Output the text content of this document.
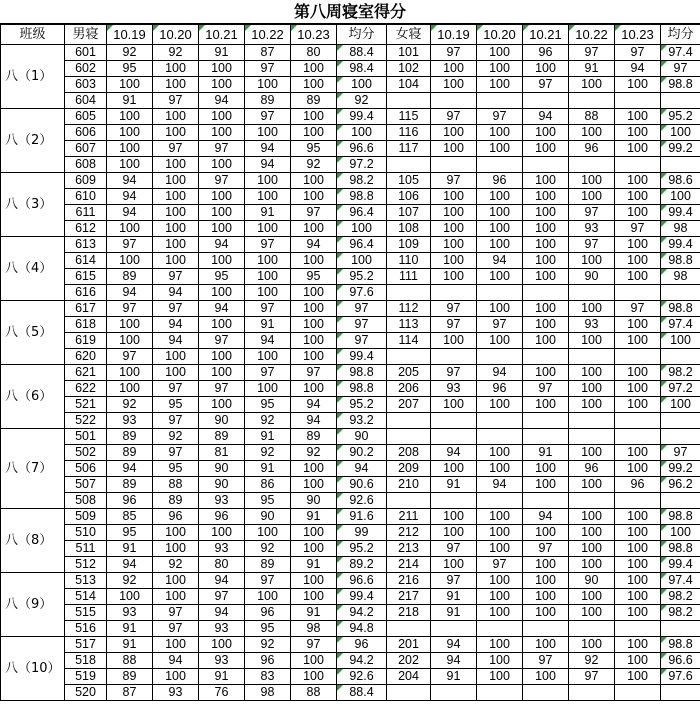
第八周寝室得分
班级	男寝	10.19	10.20	10.21	10.22	10.23	均分	女寝	10.19	10.20	10.21	10.22	10.23	均分
八（1）	601	92	92	91	87	80	88.4	101	97	100	96	97	97	97.4
	602	95	100	100	97	100	98.4	102	100	100	100	91	94	97
	603	100	100	100	100	100	100	104	100	100	97	100	100	98.8
	604	91	97	94	89	89	92							
八（2）	605	100	100	100	97	100	99.4	115	97	97	94	88	100	95.2
	606	100	100	100	100	100	100	116	100	100	100	100	100	100
	607	100	97	97	94	95	96.6	117	100	100	100	96	100	99.2
	608	100	100	100	94	92	97.2							
八（3）	609	94	100	97	100	100	98.2	105	97	96	100	100	100	98.6
	610	94	100	100	100	100	98.8	106	100	100	100	100	100	100
	611	94	100	100	91	97	96.4	107	100	100	100	97	100	99.4
	612	100	100	100	100	100	100	108	100	100	100	93	97	98
八（4）	613	97	100	94	97	94	96.4	109	100	100	100	97	100	99.4
	614	100	100	100	100	100	100	110	100	94	100	100	100	98.8
	615	89	97	95	100	95	95.2	111	100	100	100	90	100	98
	616	94	94	100	100	100	97.6							
八（5）	617	97	97	94	97	100	97	112	97	100	100	100	97	98.8
	618	100	94	100	91	100	97	113	97	97	100	93	100	97.4
	619	100	94	97	94	100	97	114	100	100	100	100	100	100
	620	97	100	100	100	100	99.4							
八（6）	621	100	100	100	97	97	98.8	205	97	94	100	100	100	98.2
	622	100	97	97	100	100	98.8	206	93	96	97	100	100	97.2
	521	92	95	100	95	94	95.2	207	100	100	100	100	100	100
	522	93	97	90	92	94	93.2							
八（7）	501	89	92	89	91	89	90							
	502	89	97	81	92	92	90.2	208	94	100	91	100	100	97
	506	94	95	90	91	100	94	209	100	100	100	96	100	99.2
	507	89	88	90	86	100	90.6	210	91	94	100	100	96	96.2
	508	96	89	93	95	90	92.6							
八（8）	509	85	96	96	90	91	91.6	211	100	100	94	100	100	98.8
	510	95	100	100	100	100	99	212	100	100	100	100	100	100
	511	91	100	93	92	100	95.2	213	97	100	97	100	100	98.8
	512	94	92	80	89	91	89.2	214	100	97	100	100	100	99.4
八（9）	513	92	100	94	97	100	96.6	216	97	100	100	90	100	97.4
	514	100	100	97	100	100	99.4	217	91	100	100	100	100	98.2
	515	93	97	94	96	91	94.2	218	91	100	100	100	100	98.2
	516	91	97	93	95	98	94.8							
八（10）	517	91	100	100	92	97	96	201	94	100	100	100	100	98.8
	518	88	94	93	96	100	94.2	202	94	100	97	92	100	96.6
	519	89	100	91	83	100	92.6	204	91	100	100	97	100	97.6
	520	87	93	76	98	88	88.4							
